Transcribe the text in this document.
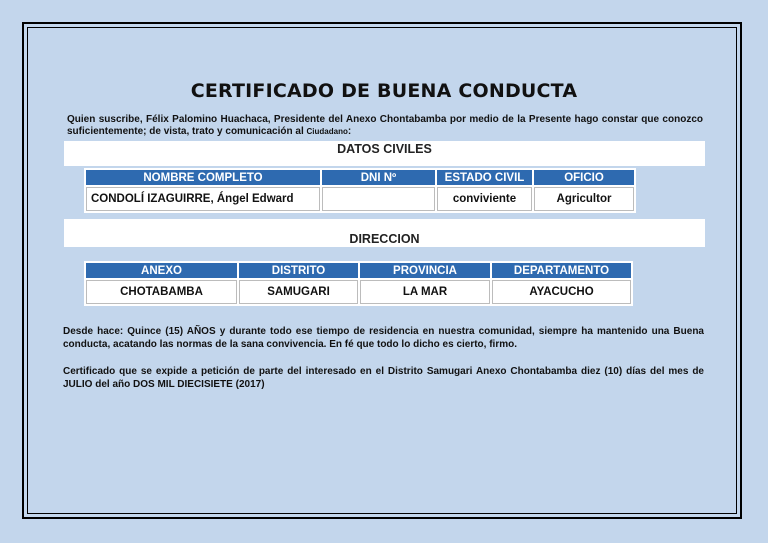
CERTIFICADO DE BUENA CONDUCTA
Quien suscribe, Félix Palomino Huachaca, Presidente del Anexo Chontabamba por medio de la Presente hago constar que conozco suficientemente; de vista, trato y comunicación al Ciudadano:
DATOS CIVILES
NOMBRE COMPLETO	DNI Nº	ESTADO CIVIL	OFICIO
CONDOLÍ IZAGUIRRE, Ángel Edward		conviviente	Agricultor
DIRECCION
ANEXO	DISTRITO	PROVINCIA	DEPARTAMENTO
CHOTABAMBA	SAMUGARI	LA MAR	AYACUCHO
Desde hace: Quince (15) AÑOS y durante todo ese tiempo de residencia en nuestra comunidad, siempre ha mantenido una Buena conducta, acatando las normas de la sana convivencia. En fé que todo lo dicho es cierto, firmo.
Certificado que se expide a petición de parte del interesado en el Distrito Samugari Anexo Chontabamba diez (10) días del mes de JULIO del año DOS MIL DIECISIETE (2017)
